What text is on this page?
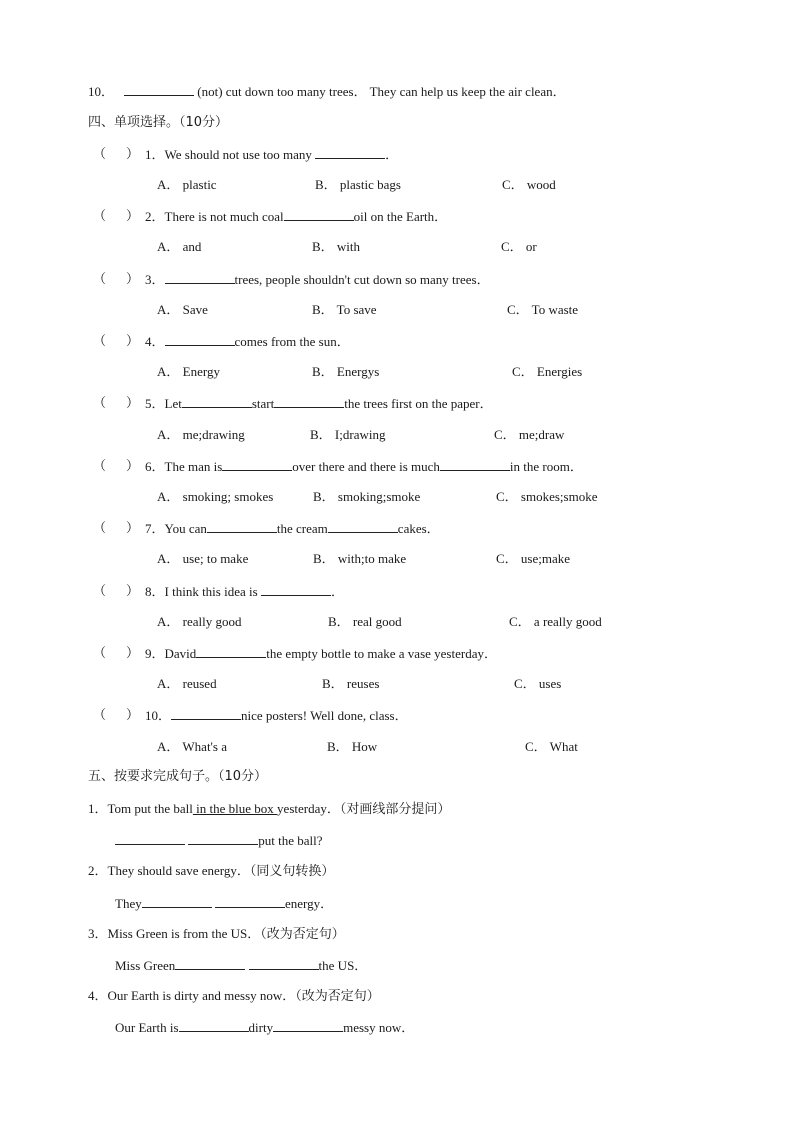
10．	(not) cut down too many trees． They can help us keep the air clean．
四、单项选择。（10分）
（ ） 1．We should not use too many	．
A． plastic	B． plastic bags	C． wood
（ ） 2．There is not much coal	oil on the Earth．
A． and	B． with	C． or
（ ） 3．	trees, people shouldn't cut down so many trees．
A． Save	B． To save	C． To waste
（ ） 4．	comes from the sun．
A． Energy	B． Energys	C． Energies
（ ） 5．Let	start	the trees first on the paper．
A． me;drawing	B． I;drawing	C． me;draw
（ ） 6．The man is	over there and there is much	in the room．
A． smoking; smokes	B． smoking;smoke	C． smokes;smoke
（ ） 7．You can	the cream	cakes．
A． use; to make	B． with;to make	C． use;make
（ ） 8．I think this idea is	．
A． really good	B． real good	C． a really good
（ ） 9．David	the empty bottle to make a vase yesterday．
A． reused	B． reuses	C． uses
（ ） 10．	nice posters! Well done, class．
A． What's a	B． How	C． What
五、按要求完成句子。（10分）
1．Tom put the ball in the blue box yesterday．（对画线部分提问）
put the ball?
2．They should save energy．（同义句转换）
They	energy．
3．Miss Green is from the US．（改为否定句）
Miss Green	the US．
4．Our Earth is dirty and messy now．（改为否定句）
Our Earth is	dirty	messy now．
